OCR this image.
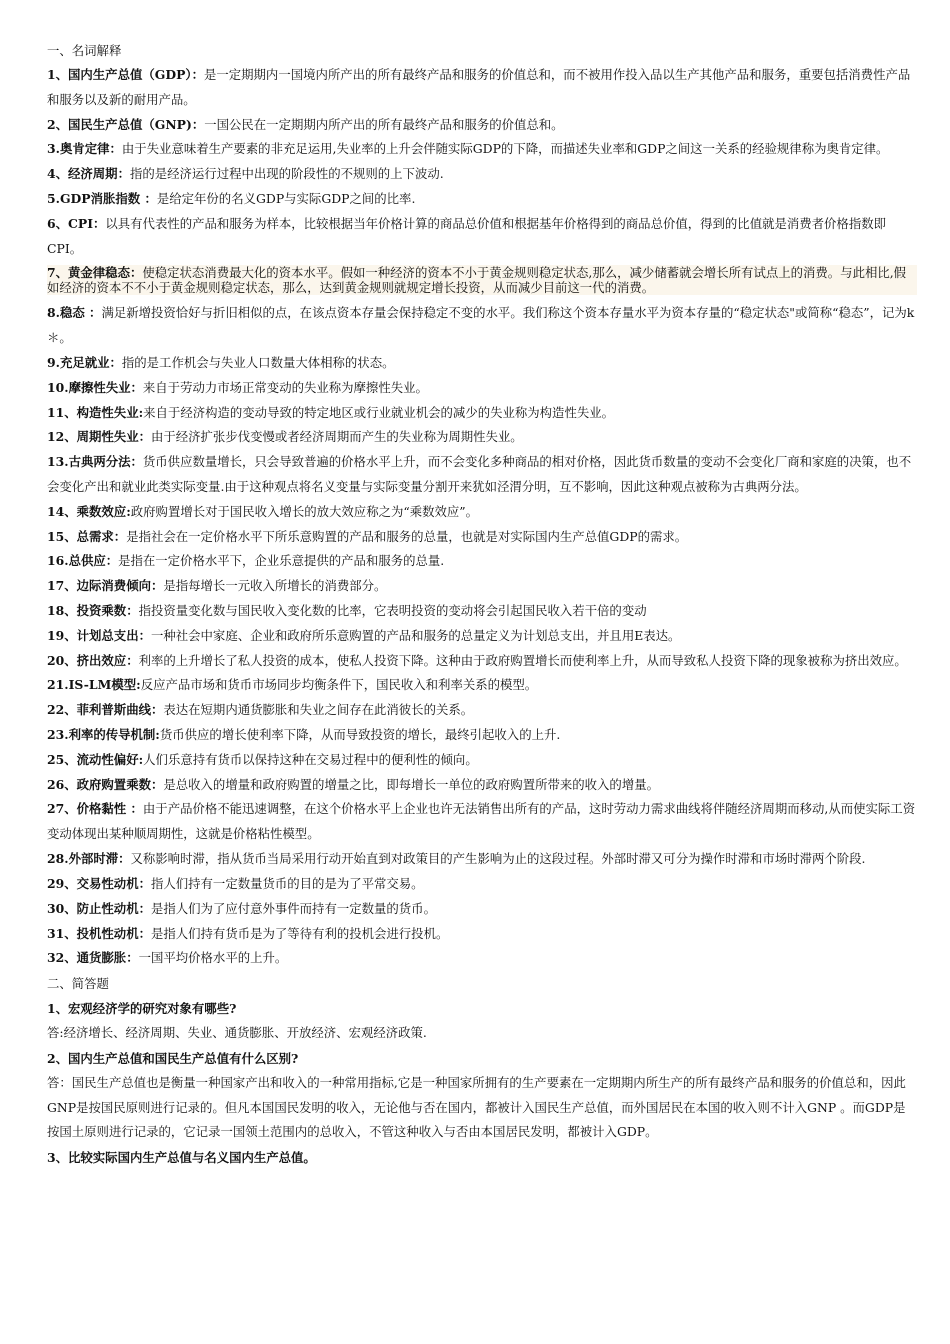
一、名词解释
1、国内生产总值（GDP）：是一定期期内一国境内所产出的所有最终产品和服务的价值总和，而不被用作投入品以生产其他产品和服务，重要包括消费性产品和服务以及新的耐用产品。
2、国民生产总值（GNP)：一国公民在一定期期内所产出的所有最终产品和服务的价值总和。
3.奥肯定律：由于失业意味着生产要素的非充足运用,失业率的上升会伴随实际GDP的下降，而描述失业率和GDP之间这一关系的经验规律称为奥肯定律。
4、经济周期：指的是经济运行过程中出现的阶段性的不规则的上下波动.
5.GDP消胀指数 ：是给定年份的名义GDP与实际GDP之间的比率.
6、CPI：以具有代表性的产品和服务为样本，比较根据当年价格计算的商品总价值和根据基年价格得到的商品总价值，得到的比值就是消费者价格指数即CPI。
7、黄金律稳态：使稳定状态消费最大化的资本水平。假如一种经济的资本不小于黄金规则稳定状态,那么，减少储蓄就会增长所有试点上的消费。与此相比,假如经济的资本不不小于黄金规则稳定状态，那么，达到黄金规则就规定增长投资，从而减少目前这一代的消费。
8.稳态 ：满足新增投资恰好与折旧相似的点，在该点资本存量会保持稳定不变的水平。我们称这个资本存量水平为资本存量的“稳定状态"或简称“稳态”，记为k＊。
9.充足就业：指的是工作机会与失业人口数量大体相称的状态。
10.摩擦性失业：来自于劳动力市场正常变动的失业称为摩擦性失业。
11、构造性失业:来自于经济构造的变动导致的特定地区或行业就业机会的减少的失业称为构造性失业。
12、周期性失业：由于经济扩张步伐变慢或者经济周期而产生的失业称为周期性失业。
13.古典两分法：货币供应数量增长，只会导致普遍的价格水平上升，而不会变化多种商品的相对价格，因此货币数量的变动不会变化厂商和家庭的决策，也不会变化产出和就业此类实际变量.由于这种观点将名义变量与实际变量分割开来犹如泾渭分明，互不影响，因此这种观点被称为古典两分法。
14、乘数效应:政府购置增长对于国民收入增长的放大效应称之为“乘数效应”。
15、总需求：是指社会在一定价格水平下所乐意购置的产品和服务的总量，也就是对实际国内生产总值GDP的需求。
16.总供应：是指在一定价格水平下，企业乐意提供的产品和服务的总量.
17、边际消费倾向：是指每增长一元收入所增长的消费部分。
18、投资乘数：指投资量变化数与国民收入变化数的比率，它表明投资的变动将会引起国民收入若干倍的变动
19、计划总支出：一种社会中家庭、企业和政府所乐意购置的产品和服务的总量定义为计划总支出，并且用E表达。
20、挤出效应：利率的上升增长了私人投资的成本，使私人投资下降。这种由于政府购置增长而使利率上升，从而导致私人投资下降的现象被称为挤出效应。
21.IS-LM模型:反应产品市场和货币市场同步均衡条件下，国民收入和利率关系的模型。
22、菲利普斯曲线：表达在短期内通货膨胀和失业之间存在此消彼长的关系。
23.利率的传导机制:货币供应的增长使利率下降，从而导致投资的增长，最终引起收入的上升.
25、流动性偏好:人们乐意持有货币以保持这种在交易过程中的便利性的倾向。
26、政府购置乘数：是总收入的增量和政府购置的增量之比，即每增长一单位的政府购置所带来的收入的增量。
27、价格黏性 ：由于产品价格不能迅速调整，在这个价格水平上企业也许无法销售出所有的产品，这时劳动力需求曲线将伴随经济周期而移动,从而使实际工资变动体现出某种顺周期性，这就是价格粘性模型。
28.外部时滞：又称影响时滞，指从货币当局采用行动开始直到对政策目的产生影响为止的这段过程。外部时滞又可分为操作时滞和市场时滞两个阶段.
29、交易性动机：指人们持有一定数量货币的目的是为了平常交易。
30、防止性动机：是指人们为了应付意外事件而持有一定数量的货币。
31、投机性动机：是指人们持有货币是为了等待有利的投机会进行投机。
32、通货膨胀：一国平均价格水平的上升。
二、简答题
1、宏观经济学的研究对象有哪些?
答:经济增长、经济周期、失业、通货膨胀、开放经济、宏观经济政策.
2、国内生产总值和国民生产总值有什么区别?
答：国民生产总值也是衡量一种国家产出和收入的一种常用指标,它是一种国家所拥有的生产要素在一定期期内所生产的所有最终产品和服务的价值总和，因此GNP是按国民原则进行记录的。但凡本国国民发明的收入，无论他与否在国内，都被计入国民生产总值，而外国居民在本国的收入则不计入GNP 。而GDP是按国土原则进行记录的，它记录一国领土范围内的总收入，不管这种收入与否由本国居民发明，都被计入GDP。
3、比较实际国内生产总值与名义国内生产总值。
